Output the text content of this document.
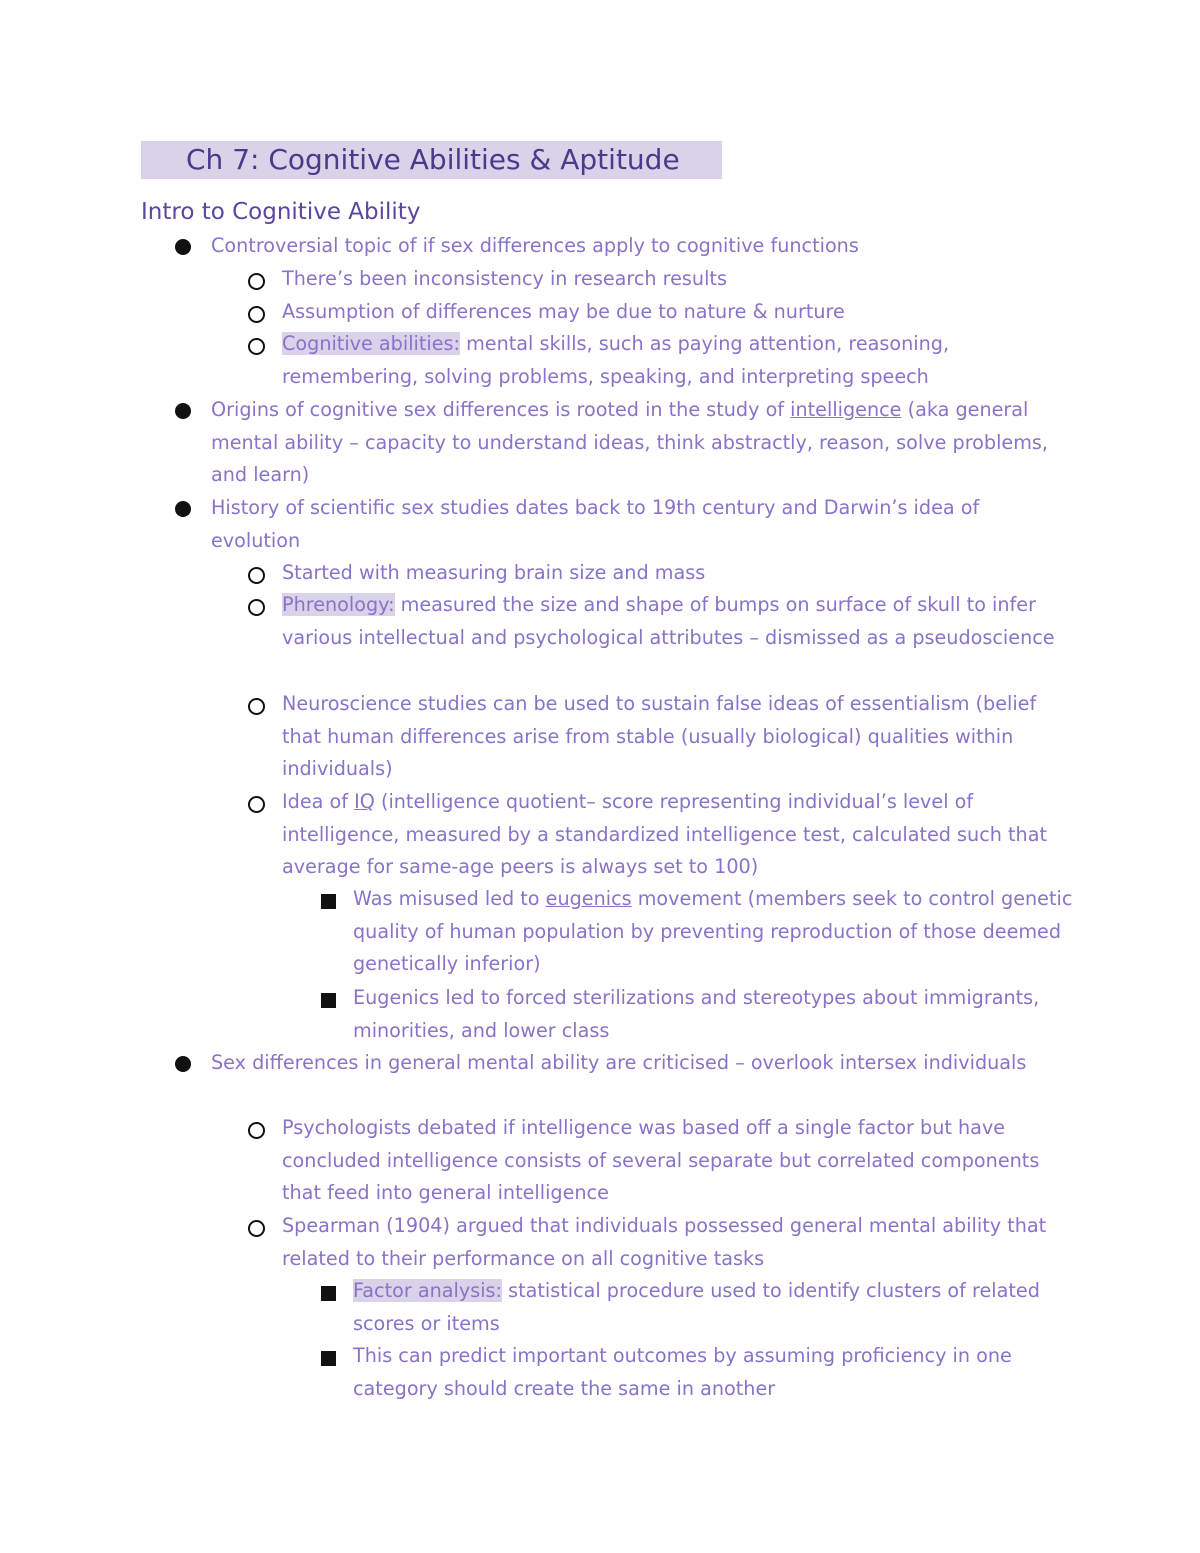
Ch 7: Cognitive Abilities & Aptitude
Intro to Cognitive Ability
Controversial topic of if sex differences apply to cognitive functions
There’s been inconsistency in research results
Assumption of differences may be due to nature & nurture
Cognitive abilities: mental skills, such as paying attention, reasoning, remembering, solving problems, speaking, and interpreting speech
Origins of cognitive sex differences is rooted in the study of intelligence (aka general mental ability – capacity to understand ideas, think abstractly, reason, solve problems, and learn)
History of scientific sex studies dates back to 19th century and Darwin’s idea of evolution
Started with measuring brain size and mass
Phrenology: measured the size and shape of bumps on surface of skull to infer various intellectual and psychological attributes – dismissed as a pseudoscience
Neuroscience studies can be used to sustain false ideas of essentialism (belief that human differences arise from stable (usually biological) qualities within individuals)
Idea of IQ (intelligence quotient– score representing individual’s level of intelligence, measured by a standardized intelligence test, calculated such that average for same-age peers is always set to 100)
Was misused led to eugenics movement (members seek to control genetic quality of human population by preventing reproduction of those deemed genetically inferior)
Eugenics led to forced sterilizations and stereotypes about immigrants, minorities, and lower class
Sex differences in general mental ability are criticised – overlook intersex individuals
Psychologists debated if intelligence was based off a single factor but have concluded intelligence consists of several separate but correlated components that feed into general intelligence
Spearman (1904) argued that individuals possessed general mental ability that related to their performance on all cognitive tasks
Factor analysis: statistical procedure used to identify clusters of related scores or items
This can predict important outcomes by assuming proficiency in one category should create the same in another
